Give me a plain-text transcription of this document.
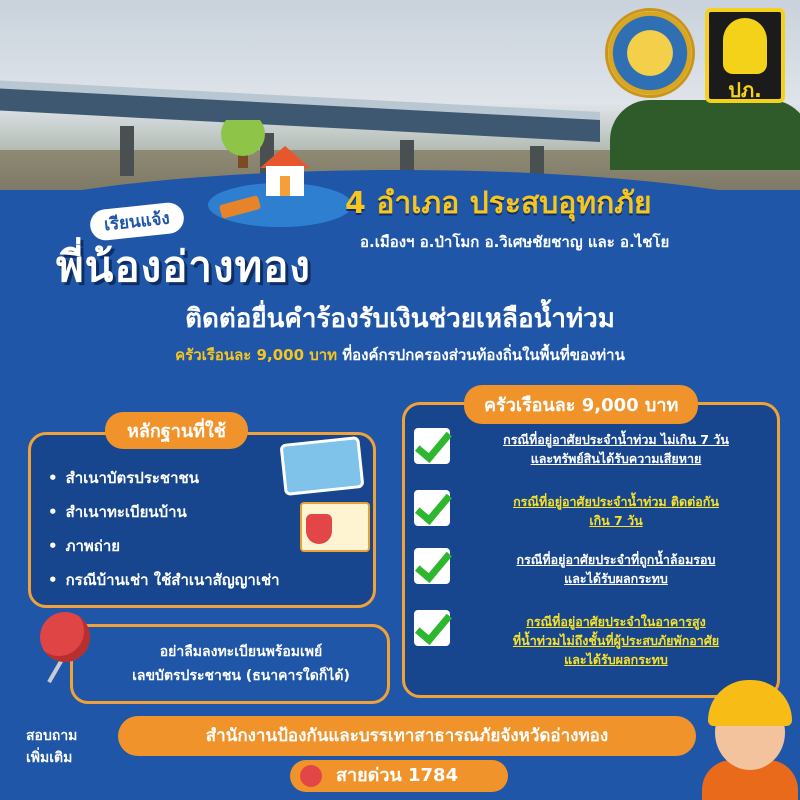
ปภ.
4 อำเภอ ประสบอุทกภัย
อ.เมืองฯ อ.ป่าโมก อ.วิเศษชัยชาญ และ อ.ไชโย
เรียนแจ้ง
พี่น้องอ่างทอง
ติดต่อยื่นคำร้องรับเงินช่วยเหลือน้ำท่วม
ครัวเรือนละ 9,000 บาท ที่องค์กรปกครองส่วนท้องถิ่นในพื้นที่ของท่าน
หลักฐานที่ใช้
• สำเนาบัตรประชาชน
• สำเนาทะเบียนบ้าน
• ภาพถ่าย
• กรณีบ้านเช่า ใช้สำเนาสัญญาเช่า
อย่าลืมลงทะเบียนพร้อมเพย์
เลขบัตรประชาชน (ธนาคารใดก็ได้)
ครัวเรือนละ 9,000 บาท
กรณีที่อยู่อาศัยประจำน้ำท่วม ไม่เกิน 7 วัน
และทรัพย์สินได้รับความเสียหาย
กรณีที่อยู่อาศัยประจำน้ำท่วม ติดต่อกัน
เกิน 7 วัน
กรณีที่อยู่อาศัยประจำที่ถูกน้ำล้อมรอบ
และได้รับผลกระทบ
กรณีที่อยู่อาศัยประจำในอาคารสูง
ที่น้ำท่วมไม่ถึงชั้นที่ผู้ประสบภัยพักอาศัย
และได้รับผลกระทบ
สอบถาม
เพิ่มเติม
สำนักงานป้องกันและบรรเทาสาธารณภัยจังหวัดอ่างทอง
สายด่วน 1784
